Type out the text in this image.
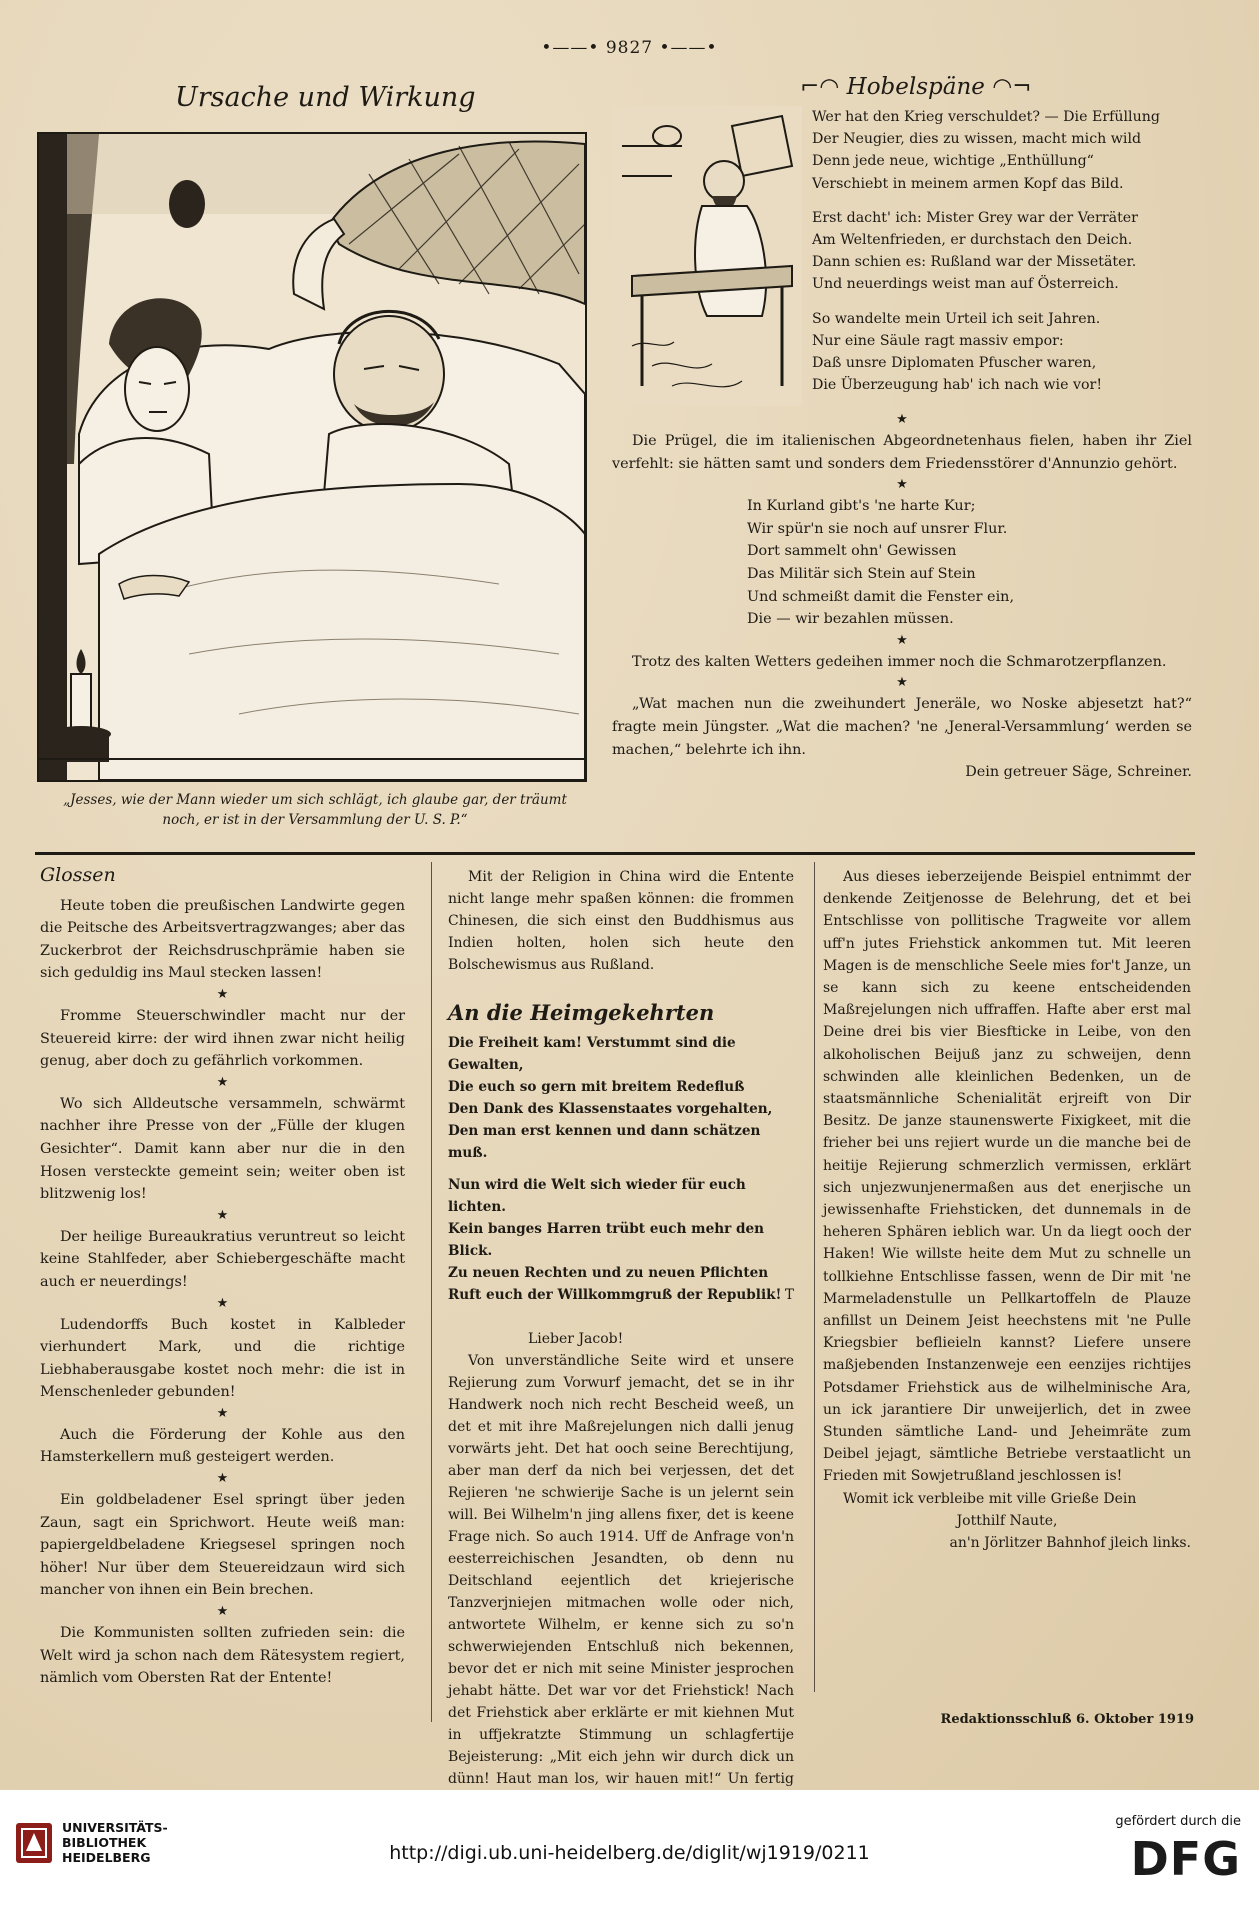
•——• 9827 •——•
Ursache und Wirkung
„Jesses, wie der Mann wieder um sich schlägt, ich glaube gar, der träumt noch, er ist in der Versammlung der U. S. P.“
⌐◠ Hobelspäne ◠¬

Wer hat den Krieg verschuldet? — Die Erfüllung

Der Neugier, dies zu wissen, macht mich wild

Denn jede neue, wichtige „Enthüllung“

Verschiebt in meinem armen Kopf das Bild.

Erst dacht' ich: Mister Grey war der Verräter

Am Weltenfrieden, er durchstach den Deich.

Dann schien es: Rußland war der Missetäter.

Und neuerdings weist man auf Österreich.

So wandelte mein Urteil ich seit Jahren.

Nur eine Säule ragt massiv empor:

Daß unsre Diplomaten Pfuscher waren,

Die Überzeugung hab' ich nach wie vor!

★

Die Prügel, die im italienischen Abgeordnetenhaus fielen, haben ihr Ziel verfehlt: sie hätten samt und sonders dem Friedensstörer d'Annunzio gehört.

★

In Kurland gibt's 'ne harte Kur;

Wir spür'n sie noch auf unsrer Flur.

Dort sammelt ohn' Gewissen

Das Militär sich Stein auf Stein

Und schmeißt damit die Fenster ein,

Die — wir bezahlen müssen.

★

Trotz des kalten Wetters gedeihen immer noch die Schmarotzerpflanzen.

★

„Wat machen nun die zweihundert Jeneräle, wo Noske abjesetzt hat?“ fragte mein Jüngster. „Wat die machen? 'ne ‚Jeneral-Versammlung‘ werden se machen,“ belehrte ich ihn.

Dein getreuer Säge, Schreiner.

Glossen

Heute toben die preußischen Landwirte gegen die Peitsche des Arbeitsvertragzwanges; aber das Zuckerbrot der Reichsdruschprämie haben sie sich geduldig ins Maul stecken lassen!

★

Fromme Steuerschwindler macht nur der Steuereid kirre: der wird ihnen zwar nicht heilig genug, aber doch zu gefährlich vorkommen.

★

Wo sich Alldeutsche versammeln, schwärmt nachher ihre Presse von der „Fülle der klugen Gesichter“. Damit kann aber nur die in den Hosen versteckte gemeint sein; weiter oben ist blitzwenig los!

★

Der heilige Bureaukratius veruntreut so leicht keine Stahlfeder, aber Schiebergeschäfte macht auch er neuerdings!

★

Ludendorffs Buch kostet in Kalbleder vierhundert Mark, und die richtige Liebhaberausgabe kostet noch mehr: die ist in Menschenleder gebunden!

★

Auch die Förderung der Kohle aus den Hamsterkellern muß gesteigert werden.

★

Ein goldbeladener Esel springt über jeden Zaun, sagt ein Sprichwort. Heute weiß man: papiergeldbeladene Kriegsesel springen noch höher! Nur über dem Steuereidzaun wird sich mancher von ihnen ein Bein brechen.

★

Die Kommunisten sollten zufrieden sein: die Welt wird ja schon nach dem Rätesystem regiert, nämlich vom Obersten Rat der Entente!

Mit der Religion in China wird die Entente nicht lange mehr spaßen können: die frommen Chinesen, die sich einst den Buddhismus aus Indien holten, holen sich heute den Bolschewismus aus Rußland.

An die Heimgekehrten

Die Freiheit kam! Verstummt sind die Gewalten,

Die euch so gern mit breitem Redefluß

Den Dank des Klassenstaates vorgehalten,

Den man erst kennen und dann schätzen muß.

Nun wird die Welt sich wieder für euch lichten.

Kein banges Harren trübt euch mehr den Blick.

Zu neuen Rechten und zu neuen Pflichten

Ruft euch der Willkommgruß der Republik! T

Lieber Jacob!

Von unverständliche Seite wird et unsere Rejierung zum Vorwurf jemacht, det se in ihr Handwerk noch nich recht Bescheid weeß, un det et mit ihre Maßrejelungen nich dalli jenug vorwärts jeht. Det hat ooch seine Berechtijung, aber man derf da nich bei verjessen, det det Rejieren 'ne schwierije Sache is un jelernt sein will. Bei Wilhelm'n jing allens fixer, det is keene Frage nich. So auch 1914. Uff de Anfrage von'n eesterreichischen Jesandten, ob denn nu Deitschland eejentlich det kriejerische Tanzverjniejen mitmachen wolle oder nich, antwortete Wilhelm, er kenne sich zu so'n schwerwiejenden Entschluß nich bekennen, bevor det er nich mit seine Minister jesprochen jehabt hätte. Det war vor det Friehstick! Nach det Friehstick aber erklärte er mit kiehnen Mut in uffjekratzte Stimmung un schlagfertije Bejeisterung: „Mit eich jehn wir durch dick un dünn! Haut man los, wir hauen mit!“ Un fertig

Aus dieses ieberzeijende Beispiel entnimmt der denkende Zeitjenosse de Belehrung, det et bei Entschlisse von pollitische Tragweite vor allem uff'n jutes Friehstick ankommen tut. Mit leeren Magen is de menschliche Seele mies for't Janze, un se kann sich zu keene entscheidenden Maßrejelungen nich uffraffen. Hafte aber erst mal Deine drei bis vier Biesfticke in Leibe, von den alkoholischen Beijuß janz zu schweijen, denn schwinden alle kleinlichen Bedenken, un de staatsmännliche Schenialität erjreift von Dir Besitz. De janze staunenswerte Fixigkeet, mit die frieher bei uns rejiert wurde un die manche bei de heitije Rejierung schmerzlich vermissen, erklärt sich unjezwunjenermaßen aus det enerjische un jewissenhafte Friehsticken, det dunnemals in de heheren Sphären ieblich war. Un da liegt ooch der Haken! Wie willste heite dem Mut zu schnelle un tollkiehne Entschlisse fassen, wenn de Dir mit 'ne Marmeladenstulle un Pellkartoffeln de Plauze anfillst un Deinem Jeist heechstens mit 'ne Pulle Kriegsbier beflieieln kannst? Liefere unsere maßjebenden Instanzenweje een eenzijes richtijes Potsdamer Friehstick aus de wilhelminische Ara, un ick jarantiere Dir unweijerlich, det in zwee Stunden sämtliche Land- und Jeheimräte zum Deibel jejagt, sämtliche Betriebe verstaatlicht un Frieden mit Sowjetrußland jeschlossen is!

Womit ick verbleibe mit ville Grieße Dein

Jotthilf Naute,

an'n Jörlitzer Bahnhof jleich links.

Redaktionsschluß 6. Oktober 1919
UNIVERSITÄTS-
BIBLIOTHEK
HEIDELBERG	http://digi.ub.uni-heidelberg.de/diglit/wj1919/0211
gefördert durch die
DFG
